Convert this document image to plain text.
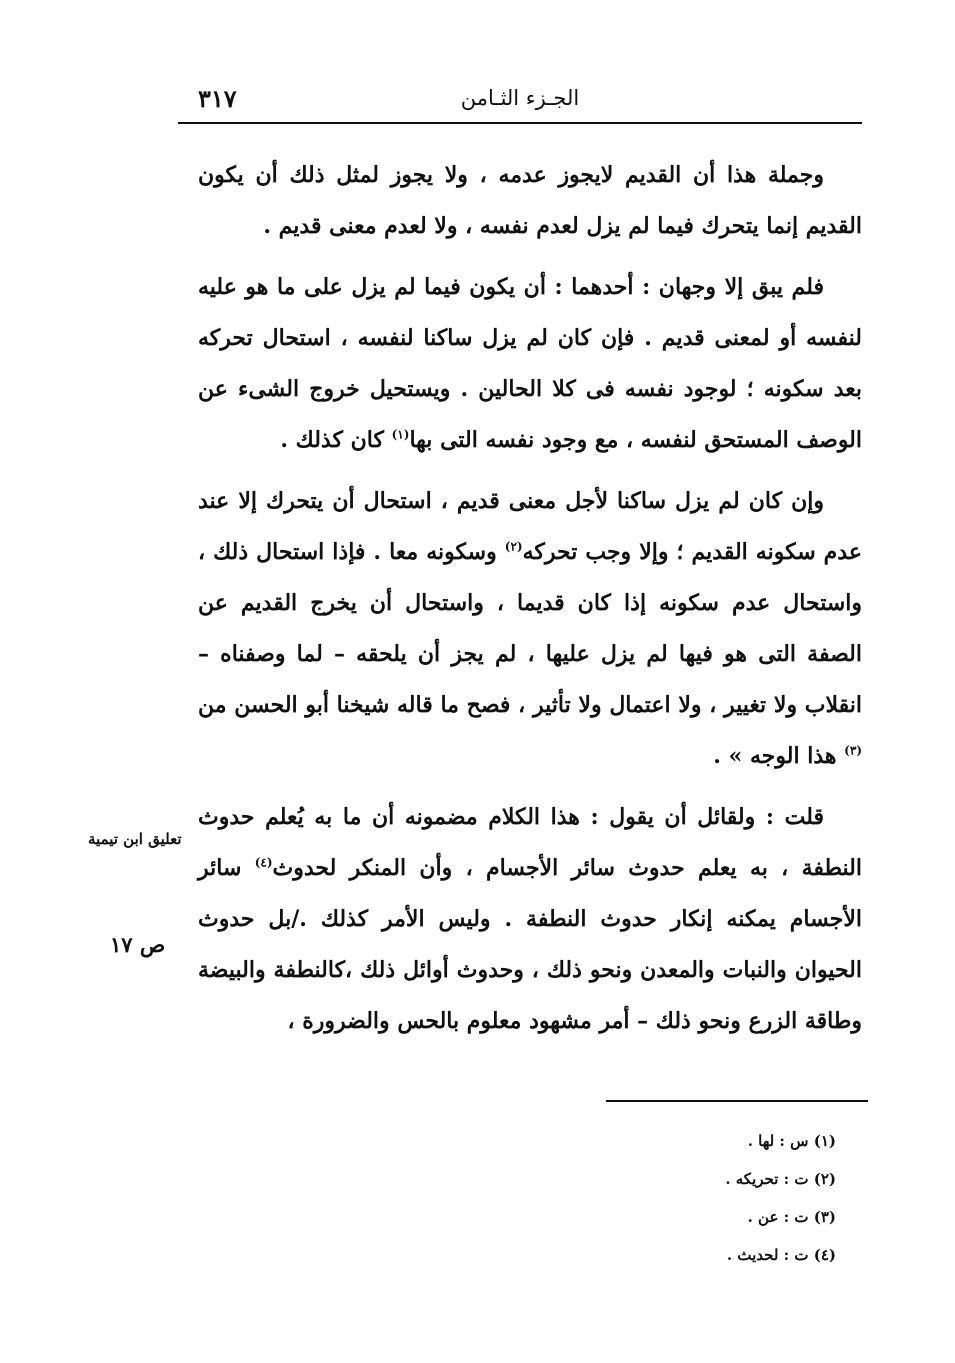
٣١٧	الجـزء الثـامن

وجملة هذا أن القديم لايجوز عدمه ، ولا يجوز لمثل ذلك أن يكون القديم إنما يتحرك فيما لم يزل لعدم نفسه ، ولا لعدم معنى قديم .

فلم يبق إلا وجهان : أحدهما : أن يكون فيما لم يزل على ما هو عليه لنفسه أو لمعنى قديم . فإن كان لم يزل ساكنا لنفسه ، استحال تحركه بعد سكونه ؛ لوجود نفسه فى كلا الحالين . ويستحيل خروج الشىء عن الوصف المستحق لنفسه ، مع وجود نفسه التى بها$^{(١)}$ كان كذلك .

وإن كان لم يزل ساكنا لأجل معنى قديم ، استحال أن يتحرك إلا عند عدم سكونه القديم ؛ وإلا وجب تحركه$^{(٢)}$ وسكونه معا . فإذا استحال ذلك ، واستحال عدم سكونه إذا كان قديما ، واستحال أن يخرج القديم عن الصفة التى هو فيها لم يزل عليها ، لم يجز أن يلحقه – لما وصفناه – انقلاب ولا تغيير ، ولا اعتمال ولا تأثير ، فصح ما قاله شيخنا أبو الحسن من $^{(٣)}$ هذا الوجه » .

قلت : ولقائل أن يقول : هذا الكلام مضمونه أن ما به يُعلم حدوث النطفة ، به يعلم حدوث سائر الأجسام ، وأن المنكر لحدوث$^{(٤)}$ سائر الأجسام يمكنه إنكار حدوث النطفة . وليس الأمر كذلك ./بل حدوث الحيوان والنبات والمعدن ونحو ذلك ، وحدوث أوائل ذلك ،كالنطفة والبيضة وطاقة الزرع ونحو ذلك – أمر مشهود معلوم بالحس والضرورة ،

تعليق ابن تيمية
ص ١٧
(١) س : لها .
(٢) ت : تحريكه .
(٣) ت : عن .
(٤) ت : لحديث .
